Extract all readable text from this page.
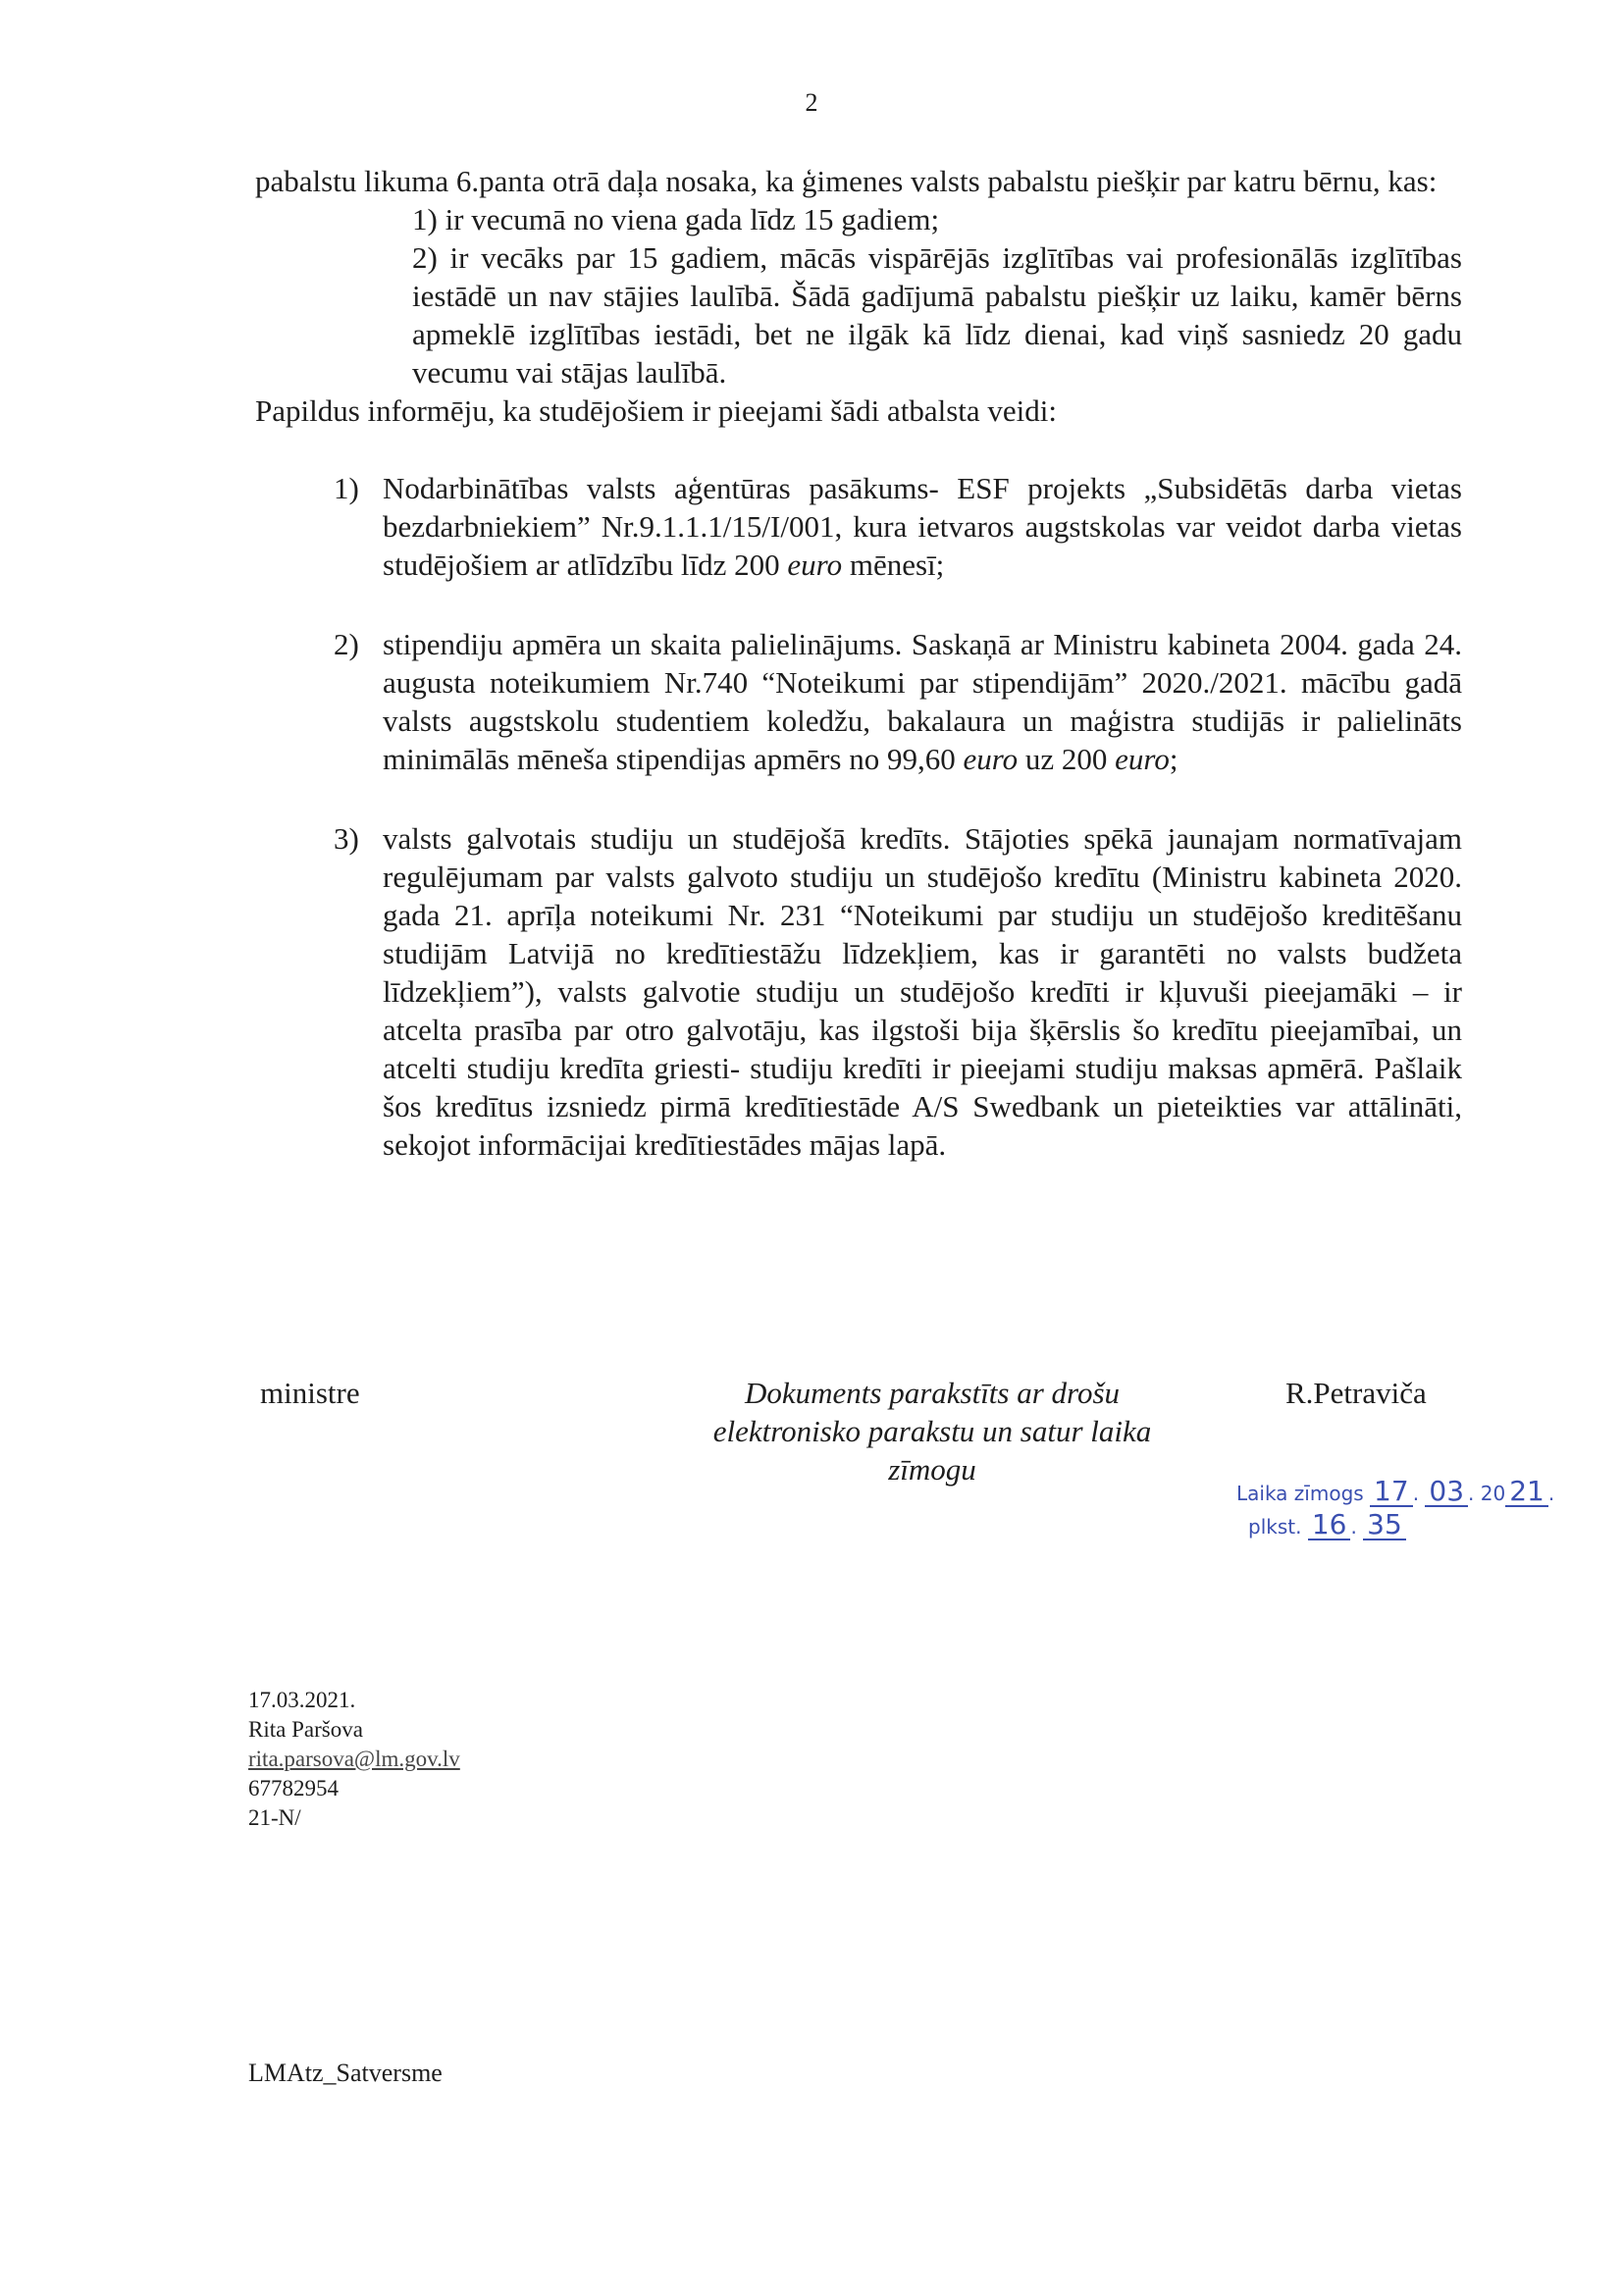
2

pabalstu likuma 6.panta otrā daļa nosaka, ka ģimenes valsts pabalstu piešķir par katru bērnu, kas:

1) ir vecumā no viena gada līdz 15 gadiem;

2) ir vecāks par 15 gadiem, mācās vispārējās izglītības vai profesionālās izglītības iestādē un nav stājies laulībā. Šādā gadījumā pabalstu piešķir uz laiku, kamēr bērns apmeklē izglītības iestādi, bet ne ilgāk kā līdz dienai, kad viņš sasniedz 20 gadu vecumu vai stājas laulībā.

Papildus informēju, ka studējošiem ir pieejami šādi atbalsta veidi:

1) Nodarbinātības valsts aģentūras pasākums- ESF projekts „Subsidētās darba vietas bezdarbniekiem” Nr.9.1.1.1/15/I/001, kura ietvaros augstskolas var veidot darba vietas studējošiem ar atlīdzību līdz 200 euro mēnesī;

2) stipendiju apmēra un skaita palielinājums. Saskaņā ar Ministru kabineta 2004. gada 24. augusta noteikumiem Nr.740 “Noteikumi par stipendijām” 2020./2021. mācību gadā valsts augstskolu studentiem koledžu, bakalaura un maģistra studijās ir palielināts minimālās mēneša stipendijas apmērs no 99,60 euro uz 200 euro;

3) valsts galvotais studiju un studējošā kredīts. Stājoties spēkā jaunajam normatīvajam regulējumam par valsts galvoto studiju un studējošo kredītu (Ministru kabineta 2020. gada 21. aprīļa noteikumi Nr. 231 “Noteikumi par studiju un studējošo kreditēšanu studijām Latvijā no kredītiestāžu līdzekļiem, kas ir garantēti no valsts budžeta līdzekļiem”), valsts galvotie studiju un studējošo kredīti ir kļuvuši pieejamāki – ir atcelta prasība par otro galvotāju, kas ilgstoši bija šķērslis šo kredītu pieejamībai, un atcelti studiju kredīta griesti- studiju kredīti ir pieejami studiju maksas apmērā. Pašlaik šos kredītus izsniedz pirmā kredītiestāde A/S Swedbank un pieteikties var attālināti, sekojot informācijai kredītiestādes mājas lapā.

ministre	Dokuments parakstīts ar drošu elektronisko parakstu un satur laika zīmogu
R.Petraviča
Laika zīmogs 17 . 03 . 20 21 .
plkst. 16 . 35
17.03.2021.
Rita Paršova
rita.parsova@lm.gov.lv
67782954
21-N/
LMAtz_Satversme
